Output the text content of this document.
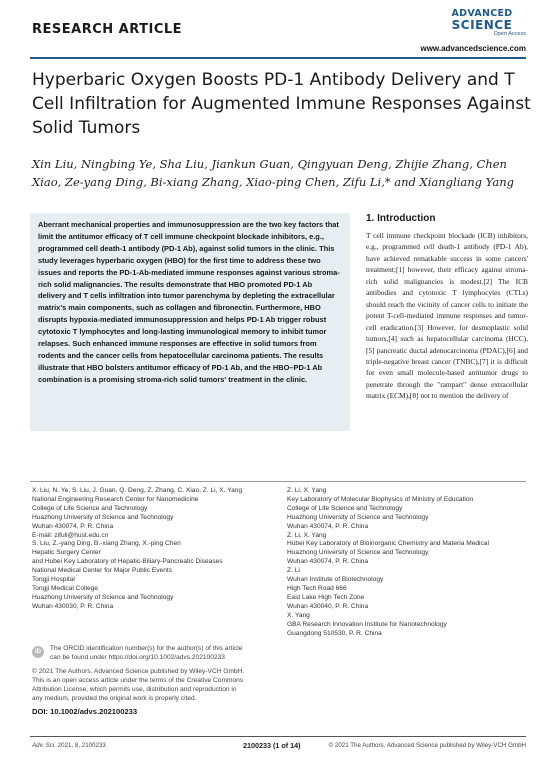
RESEARCH ARTICLE
ADVANCED
SCIENCE
Open Access
www.advancedscience.com
Hyperbaric Oxygen Boosts PD-1 Antibody Delivery and T Cell Infiltration for Augmented Immune Responses Against Solid Tumors
Xin Liu, Ningbing Ye, Sha Liu, Jiankun Guan, Qingyuan Deng, Zhijie Zhang, Chen Xiao, Ze-yang Ding, Bi-xiang Zhang, Xiao-ping Chen, Zifu Li,* and Xiangliang Yang

Aberrant mechanical properties and immunosuppression are the two key factors that limit the antitumor efficacy of T cell immune checkpoint blockade inhibitors, e.g., programmed cell death-1 antibody (PD-1 Ab), against solid tumors in the clinic. This study leverages hyperbaric oxygen (HBO) for the first time to address these two issues and reports the PD-1-Ab-mediated immune responses against various stroma-rich solid malignancies. The results demonstrate that HBO promoted PD-1 Ab delivery and T cells infiltration into tumor parenchyma by depleting the extracellular matrix's main components, such as collagen and fibronectin. Furthermore, HBO disrupts hypoxia-mediated immunosuppression and helps PD-1 Ab trigger robust cytotoxic T lymphocytes and long-lasting immunological memory to inhibit tumor relapses. Such enhanced immune responses are effective in solid tumors from rodents and the cancer cells from hepatocellular carcinoma patients. The results illustrate that HBO bolsters antitumor efficacy of PD-1 Ab, and the HBO–PD-1 Ab combination is a promising stroma-rich solid tumors' treatment in the clinic.

1. Introduction

T cell immune checkpoint blockade (ICB) inhibitors, e.g., programmed cell death-1 antibody (PD-1 Ab), have achieved remarkable success in some cancers' treatment;[1] however, their efficacy against stroma-rich solid malignancies is modest.[2] The ICB antibodies and cytotoxic T lymphocytes (CTLs) should reach the vicinity of cancer cells to initiate the potent T-cell-mediated immune responses and tumor-cell eradication.[3] However, for desmoplastic solid tumors,[4] such as hepatocellular carcinoma (HCC),[5] pancreatic ductal adenocarcinoma (PDAC),[6] and triple-negative breast cancer (TNBC),[7] it is difficult for even small molecule-based antitumor drugs to penetrate through the "rampart" dense extracellular matrix (ECM),[8] not to mention the delivery of

X. Liu, N. Ye, S. Liu, J. Guan, Q. Deng, Z. Zhang, C. Xiao, Z. Li, X. Yang
National Engineering Research Center for Nanomedicine
College of Life Science and Technology
Huazhong University of Science and Technology
Wuhan 430074, P. R. China
E-mail: zifuli@hust.edu.cn
S. Liu, Z.-yang Ding, B.-xiang Zhang, X.-ping Chen
Hepatic Surgery Center
and Hubei Key Laboratory of Hepatic-Biliary-Pancreatic Diseases
National Medical Center for Major Public Events
Tongji Hospital
Tongji Medical College
Huazhong University of Science and Technology
Wuhan 430030, P. R. China
Z. Li, X. Yang
Key Laboratory of Molecular Biophysics of Ministry of Education
College of Life Science and Technology
Huazhong University of Science and Technology
Wuhan 430074, P. R. China
Z. Li, X. Yang
Hubei Key Laboratory of Bioinorganic Chemistry and Materia Medical
Huazhong University of Science and Technology
Wuhan 430074, P. R. China
Z. Li
Wuhan Institute of Biotechnology
High Tech Road 666
East Lake High Tech Zone
Wuhan 430040, P. R. China
X. Yang
GBA Research Innovation Institute for Nanotechnology
Guangdong 510530, P. R. China
iD	The ORCID identification number(s) for the author(s) of this article
can be found under https://doi.org/10.1002/advs.202100233
© 2021 The Authors. Advanced Science published by Wiley-VCH GmbH.
This is an open access article under the terms of the Creative Commons
Attribution License, which permits use, distribution and reproduction in
any medium, provided the original work is properly cited.
DOI: 10.1002/advs.202100233
Adv. Sci. 2021, 8, 2100233	2100233 (1 of 14)	© 2021 The Authors. Advanced Science published by Wiley-VCH GmbH
